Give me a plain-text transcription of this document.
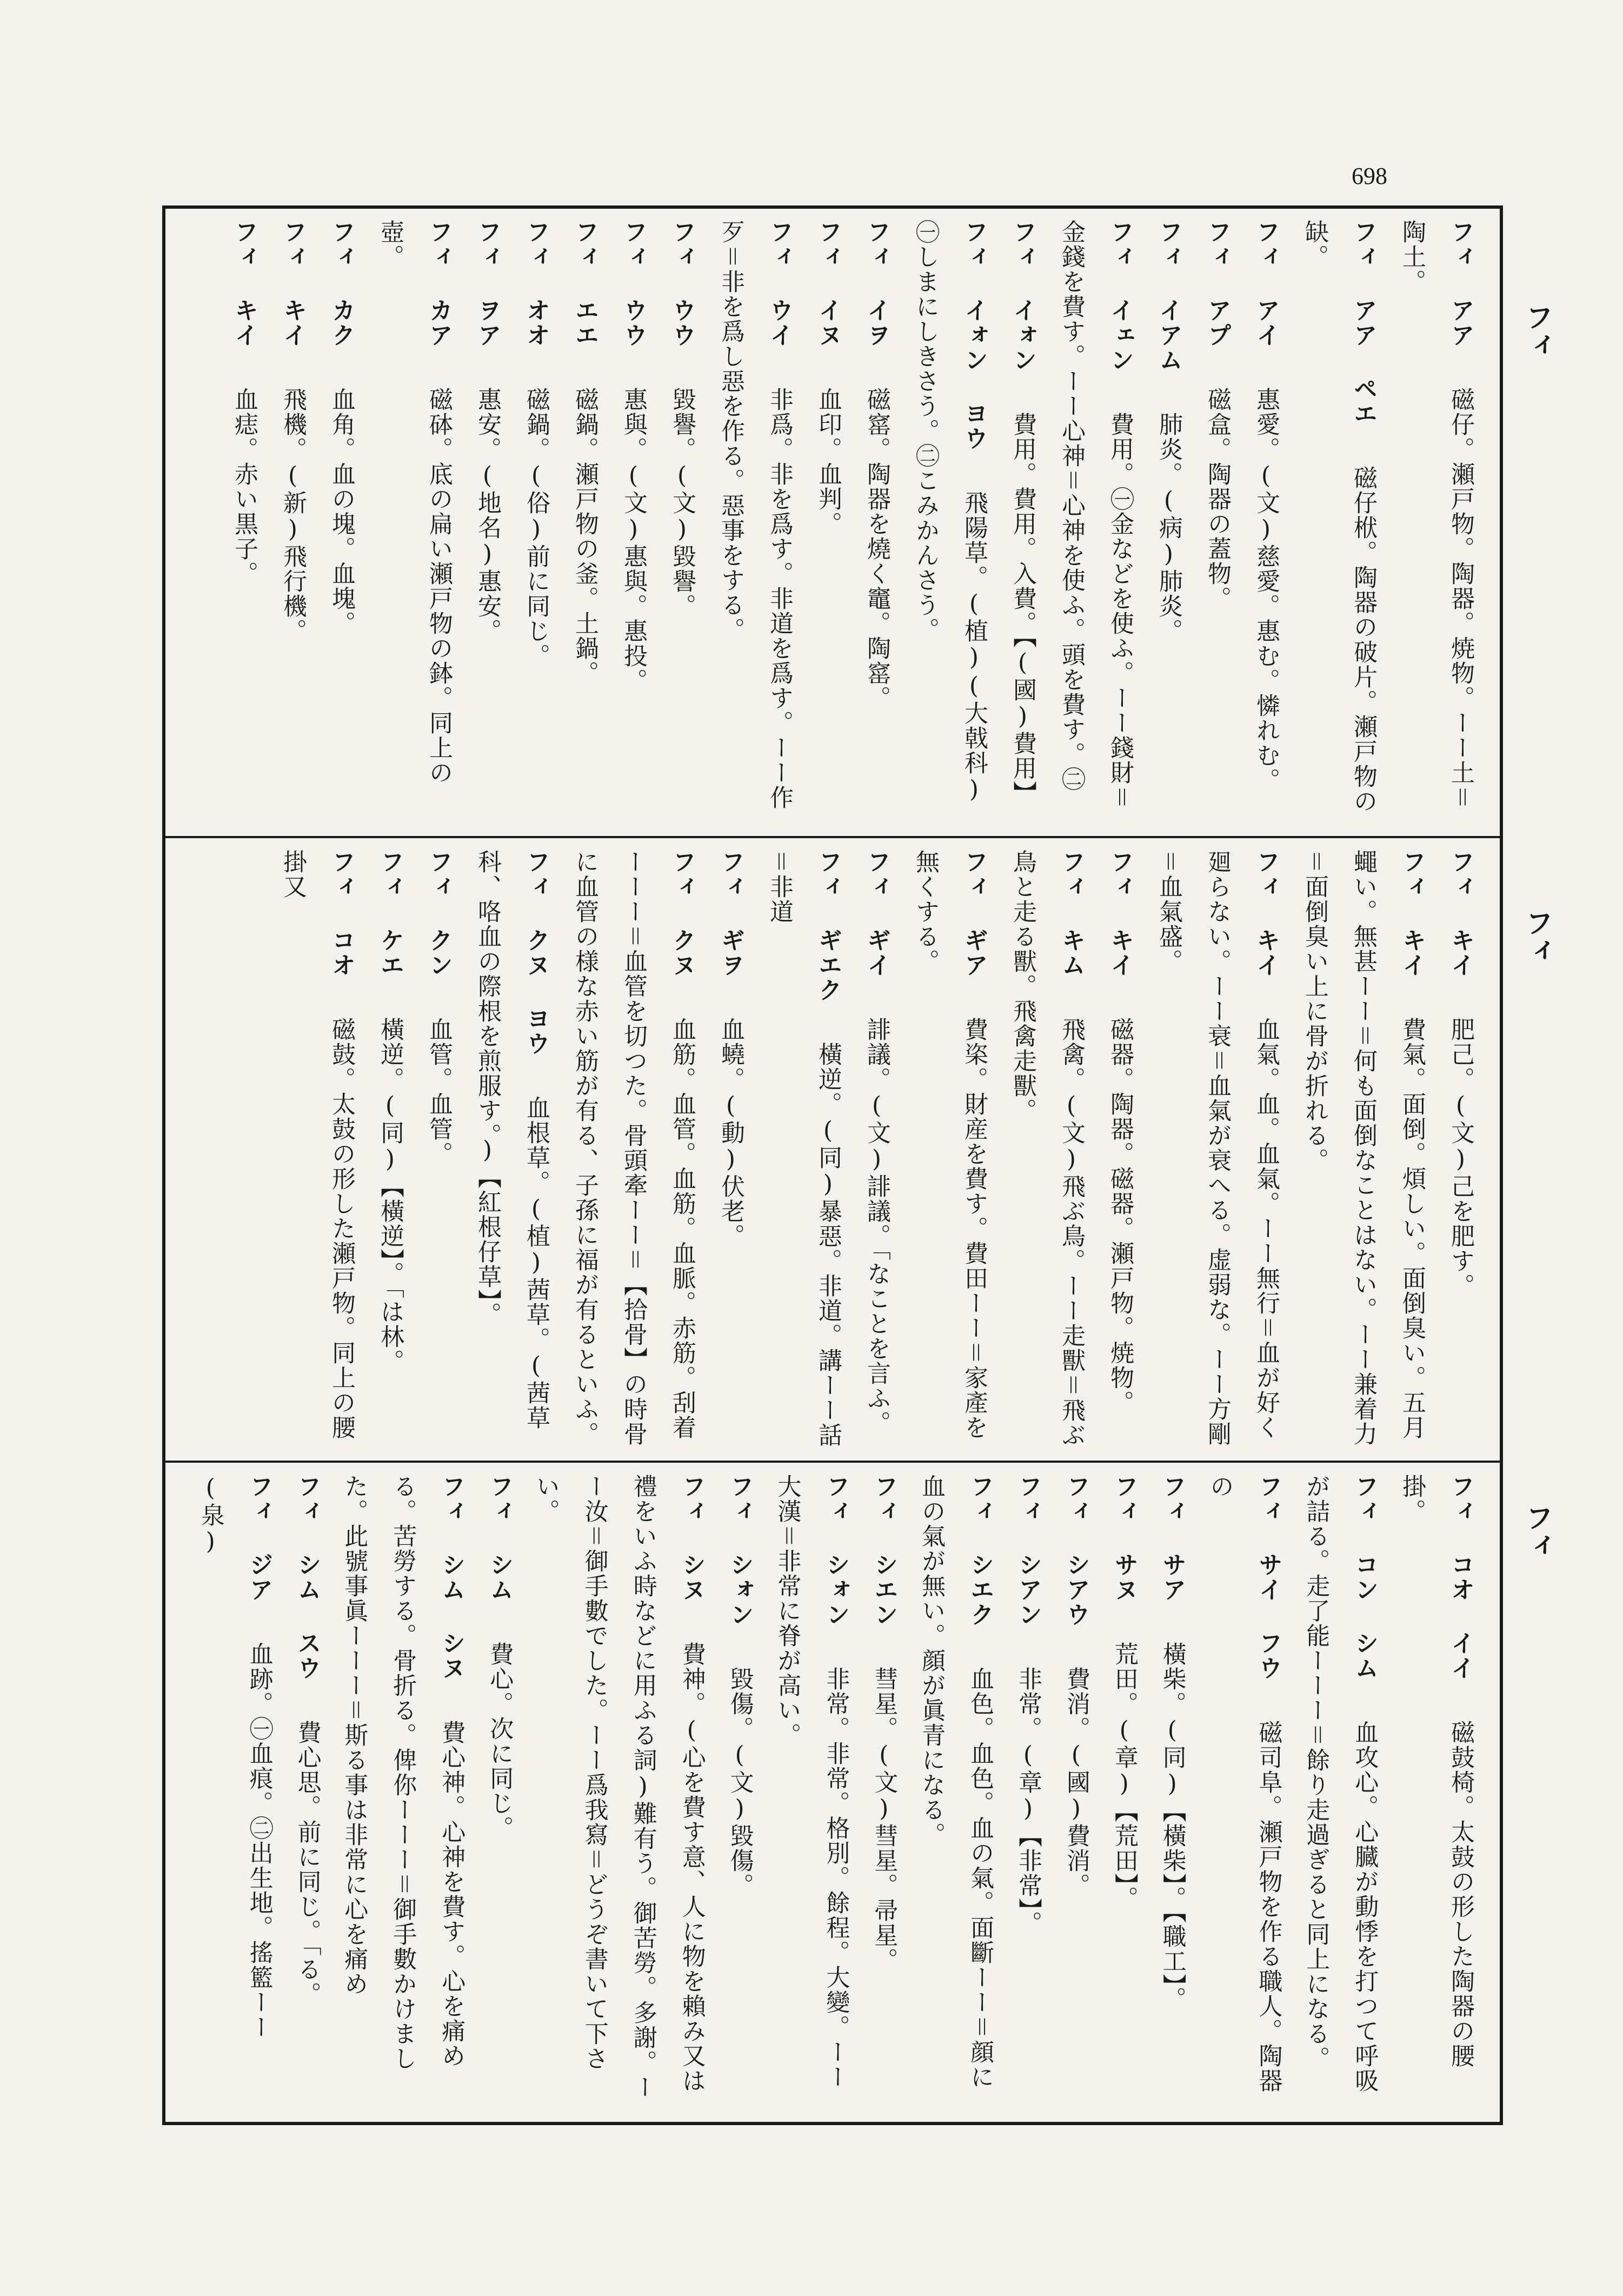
698
フィ
フィ
フィ
フィ アア 磁仔。瀬戸物。陶器。焼物。ーー土＝陶土。
フィ アア ペエ 磁仔栿。陶器の破片。瀬戸物の缺。
フィ アイ 惠愛。(文)慈愛。惠む。憐れむ。
フィ アプ 磁盒。陶器の蓋物。
フィ イアム 肺炎。(病)肺炎。
フィ イェン 費用。㊀金などを使ふ。ーー錢財＝金錢を費す。ーー心神＝心神を使ふ。頭を費す。㊁
フィ イォン 費用。費用。入費。【(國)費用】
フィ イォン ヨウ 飛陽草。(植)(大戟科)㊀しまにしきさう。㊁こみかんさう。
フィ イヲ 磁窰。陶器を燒く竈。陶窰。
フィ イヌ 血印。血判。
フィ ウイ 非爲。非を爲す。非道を爲す。ーー作歹＝非を爲し惡を作る。惡事をする。
フィ ウウ 毀譽。(文)毀譽。
フィ ウウ 惠與。(文)惠與。惠投。
フィ エエ 磁鍋。瀬戸物の釜。土鍋。
フィ オオ 磁鍋。(俗)前に同じ。
フィ ヲア 惠安。(地名)惠安。
フィ カア 磁砵。底の扁い瀬戸物の鉢。同上の壺。
フィ カク 血角。血の塊。血塊。
フィ キイ 飛機。(新)飛行機。
フィ キイ 血痣。赤い黒子。
フィ キイ 肥己。(文)己を肥す。
フィ キイ 費氣。面倒。煩しい。面倒臭い。五月蠅い。無甚ーー＝何も面倒なことはない。ーー兼着力＝面倒臭い上に骨が折れる。
フィ キイ 血氣。血。血氣。ーー無行＝血が好く廻らない。ーー衰＝血氣が衰へる。虚弱な。ーー方剛＝血氣盛。
フィ キイ 磁器。陶器。磁器。瀬戸物。焼物。
フィ キム 飛禽。(文)飛ぶ鳥。ーー走獸＝飛ぶ鳥と走る獸。飛禽走獸。
フィ ギア 費栥。財産を費す。費田ーー＝家產を無くする。
フィ ギイ 誹議。(文)誹議。「なことを言ふ。
フィ ギエク 橫逆。(同)暴惡。非道。講ーー話＝非道
フィ ギヲ 血蟯。(動)伏老。
フィ クヌ 血筋。血管。血筋。血脈。赤筋。刮着ーーー＝血管を切つた。骨頭牽ーー＝【拾骨】の時骨に血管の様な赤い筋が有る、子孫に福が有るといふ。
フィ クヌ ヨウ 血根草。(植)茜草。(茜草科、咯血の際根を煎服す。)【紅根仔草】。
フィ クン 血管。血管。
フィ ケエ 橫逆。(同)【橫逆】。「は林。
フィ コオ 磁鼓。太鼓の形した瀬戸物。同上の腰掛又
フィ コオ イイ 磁鼓椅。太鼓の形した陶器の腰掛。
フィ コン シム 血攻心。心臓が動悸を打つて呼吸が詰る。走了能ーーー＝餘り走過ぎると同上になる。
フィ サイ フウ 磁司阜。瀬戸物を作る職人。陶器の
フィ サア 橫柴。(同)【橫柴】。【職工】。
フィ サヌ 荒田。(章)【荒田】。
フィ シアウ 費消。(國)費消。
フィ シアン 非常。(章)【非常】。
フィ シエク 血色。血色。血の氣。面斷ーー＝顔に血の氣が無い。顔が眞青になる。
フィ シエン 彗星。(文)彗星。帚星。
フィ シォン 非常。非常。格別。餘程。大變。ーー大漢＝非常に脊が高い。
フィ シォン 毀傷。(文)毀傷。
フィ シヌ 費神。(心を費す意、人に物を賴み又は禮をいふ時などに用ふる詞)難有う。御苦勞。多謝。ーー汝＝御手數でした。ーー爲我寫＝どうぞ書いて下さい。
フィ シム 費心。次に同じ。
フィ シム シヌ 費心神。心神を費す。心を痛める。苦勞する。骨折る。俾你ーーー＝御手數かけました。此號事眞ーーー＝斯る事は非常に心を痛め
フィ シム スウ 費心思。前に同じ。「る。
フィ ジア 血跡。㊀血痕。㊁出生地。搖籃ーー(泉)
